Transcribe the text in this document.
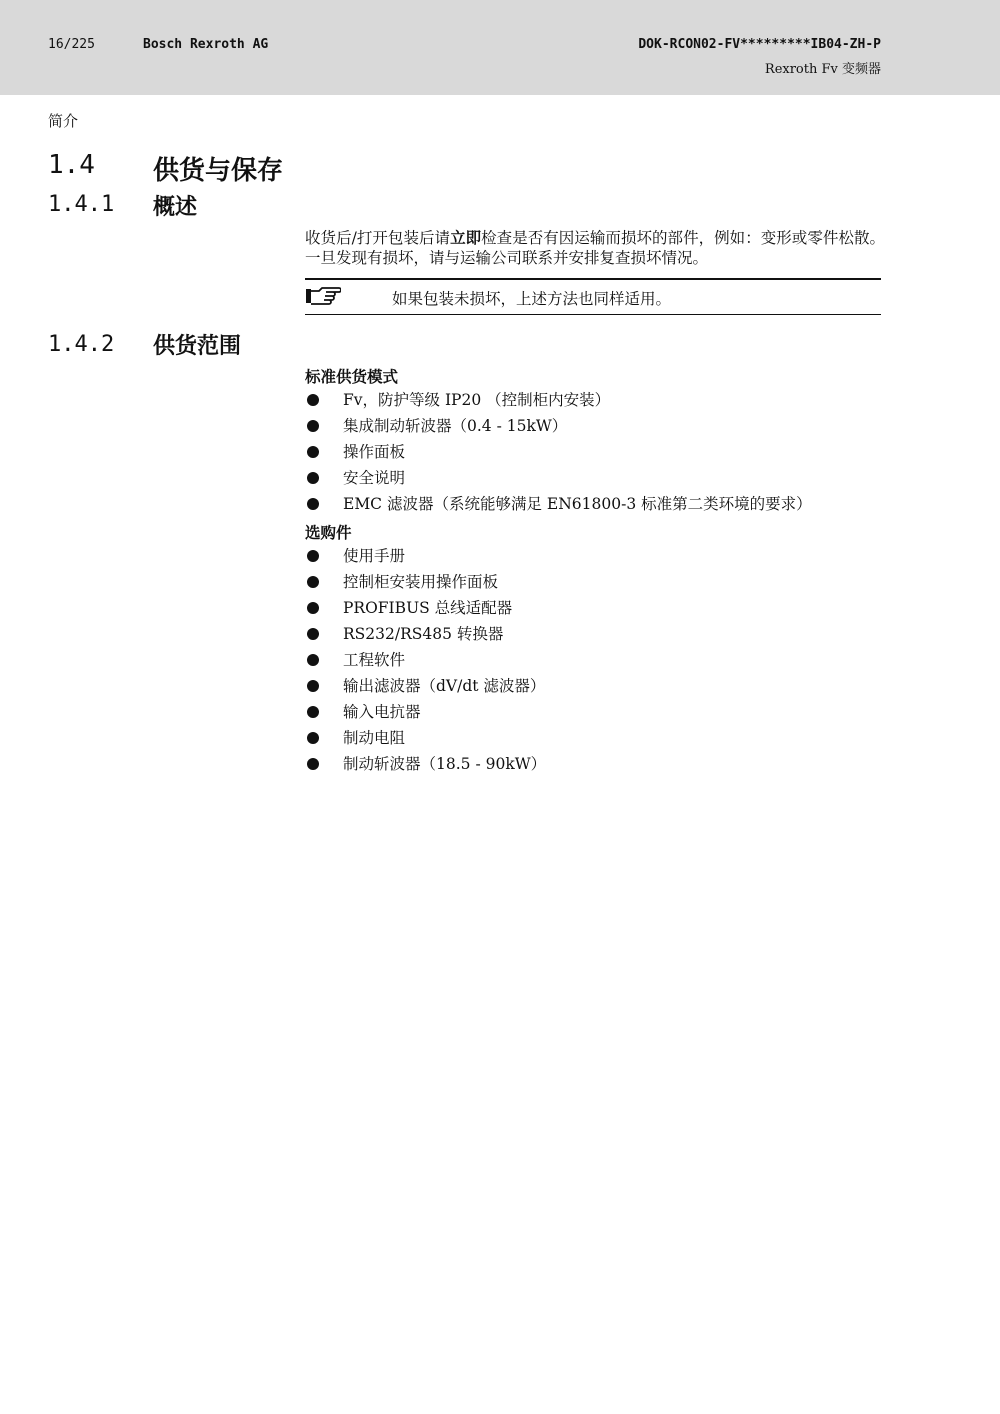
16/225	Bosch Rexroth AG	DOK-RCON02-FV*********IB04-ZH-P
Rexroth Fv 变频器
简介
1.4 供货与保存
1.4.1 概述
收货后/打开包装后请立即检查是否有因运输而损坏的部件，例如：变形或零件松散。一旦发现有损坏，请与运输公司联系并安排复查损坏情况。
如果包装未损坏，上述方法也同样适用。
1.4.2 供货范围
标准供货模式
Fv，防护等级 IP20 （控制柜内安装）
集成制动斩波器（0.4 - 15kW）
操作面板
安全说明
EMC 滤波器（系统能够满足 EN61800-3 标准第二类环境的要求）
选购件
使用手册
控制柜安装用操作面板
PROFIBUS 总线适配器
RS232/RS485 转换器
工程软件
输出滤波器（dV/dt 滤波器）
输入电抗器
制动电阻
制动斩波器（18.5 - 90kW）
